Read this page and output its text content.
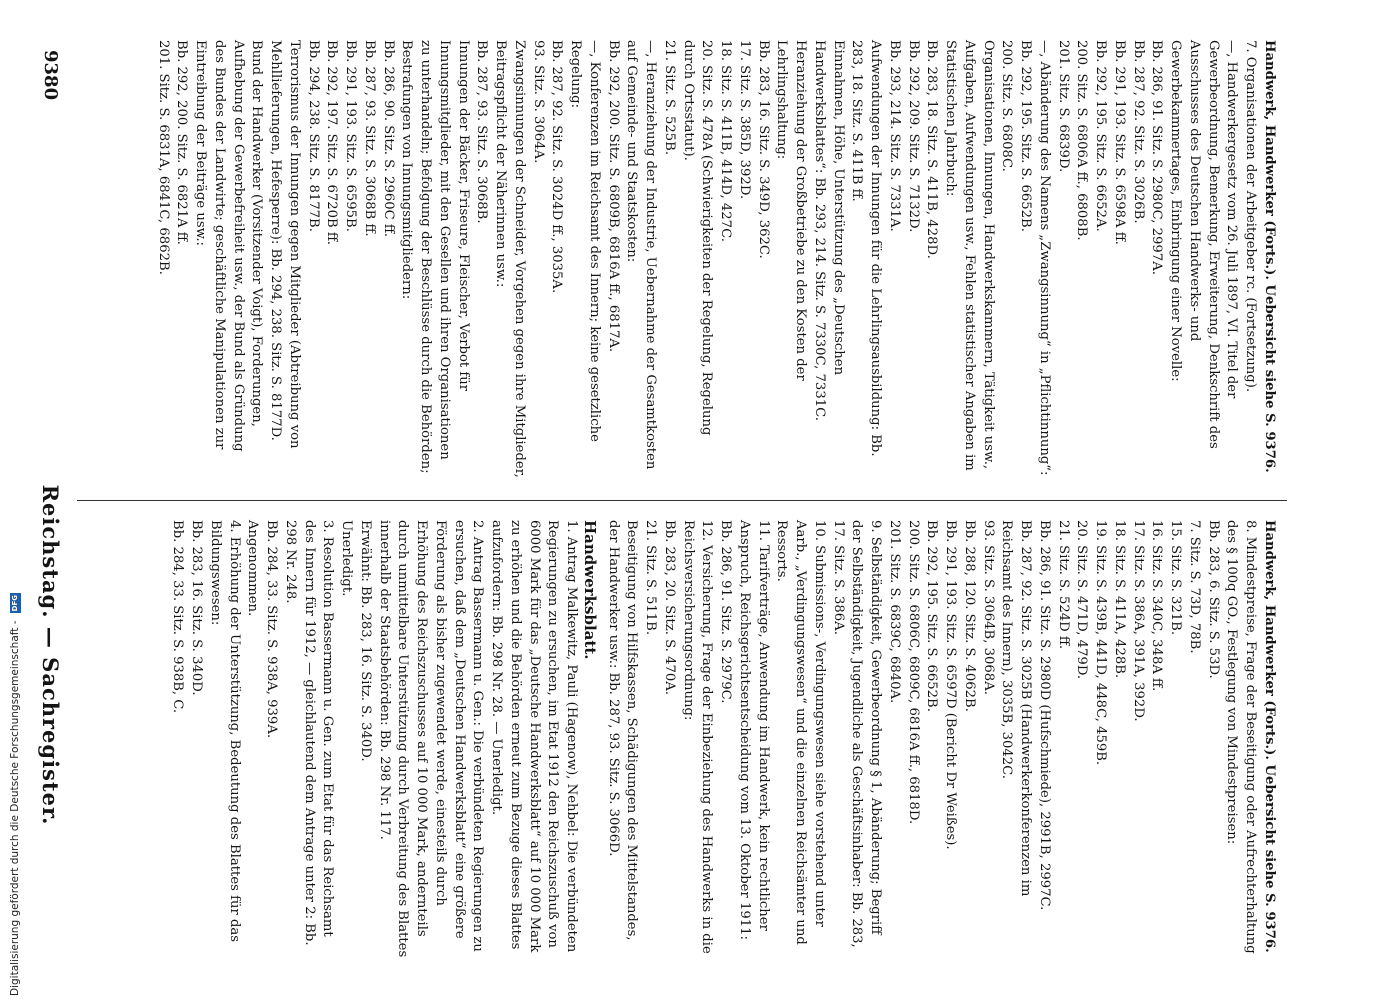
9380
Reichstag. — Sachregister.

Handwerk, Handwerker (Forts.). Uebersicht siehe S. 9376.

7. Organisationen der Arbeitgeber rc. (Fortsetzung).

—, Handwerkergesetz vom 26. Juli 1897, VI. Titel der Gewerbeordnung, Bemerkung, Erweiterung, Denkschrift des Ausschusses des Deutschen Handwerks- und Gewerbekammertages, Einbringung einer Novelle:

Bb. 286, 91. Sitz. S. 2980C, 2997A.

Bb. 287, 92. Sitz. S. 3026B.

Bb. 291, 193. Sitz. S. 6598A ff.

Bb. 292, 195. Sitz. S. 6652A.

200. Sitz. S. 6806A ff., 6808B.

201. Sitz. S. 6839D.

—, Abänderung des Namens „Zwangsinnung“ in „Pflichtinnung“:

Bb. 292, 195. Sitz. S. 6652B.

200. Sitz. S. 6808C.

Organisationen, Innungen, Handwerkskammern, Tätigkeit usw., Aufgaben, Aufwendungen usw., Fehlen statistischer Angaben im Statistischen Jahrbuch:

Bb. 283, 18. Sitz. S. 411B, 428D.

Bb. 292, 209. Sitz. S. 7132D.

Bb. 293, 214. Sitz. S. 7331A.

Aufwendungen der Innungen für die Lehrlingsausbildung: Bb. 283, 18. Sitz. S. 411B ff.

Einnahmen, Höhe, Unterstützung des „Deutschen Handwerksblattes“: Bb. 293, 214. Sitz. S. 7330C, 7331C.

Heranziehung der Großbetriebe zu den Kosten der Lehrlingshaltung:

Bb. 283, 16. Sitz. S. 349D, 362C.

17. Sitz. S. 385D, 392D.

18. Sitz. S. 411B, 414D, 427C.

20. Sitz. S. 478A (Schwierigkeiten der Regelung, Regelung durch Ortsstatut).

21. Sitz. S. 525B.

—, Heranziehung der Industrie, Uebernahme der Gesamtkosten auf Gemeinde- und Staatskosten:

Bb. 292, 200. Sitz. S. 6809B, 6816A ff., 6817A.

—, Konferenzen im Reichsamt des Innern; keine gesetzliche Regelung:

Bb. 287, 92. Sitz. S. 3024D ff., 3035A.

93. Sitz. S. 3064A.

Zwangsinnungen der Schneider, Vorgehen gegen ihre Mitglieder, Beitragspflicht der Näherinnen usw.:

Bb. 287, 93. Sitz. S. 3068B.

Innungen der Bäcker, Friseure, Fleischer, Verbot für Innungsmitglieder, mit den Gesellen und ihren Organisationen zu unterhandeln; Befolgung der Beschlüsse durch die Behörden; Bestrafungen von Innungsmitgliedern:

Bb. 286, 90. Sitz. S. 2960C ff.

Bb. 287, 93. Sitz. S. 3068B ff.

Bb. 291, 193. Sitz. S. 6595B.

Bb. 292, 197. Sitz. S. 6720B ff.

Bb. 294, 238. Sitz. S. 8177B.

Terrorismus der Innungen gegen Mitglieder (Abtreibung von Mehllieferungen, Hefesperre): Bb. 294, 238. Sitz. S. 8177D.

Bund der Handwerker (Vorsitzender Voigt), Forderungen, Aufhebung der Gewerbefreiheit usw., der Bund als Gründung des Bundes der Landwirte; geschäftliche Manipulationen zur Eintreibung der Beiträge usw.:

Bb. 292, 200. Sitz. S. 6821A ff.

201. Sitz. S. 6831A, 6841C, 6862B.

Handwerk, Handwerker (Forts.). Uebersicht siehe S. 9376.

8. Mindestpreise, Frage der Beseitigung oder Aufrechterhaltung des § 100q GO., Festlegung von Mindestpreisen:

Bb. 283, 6. Sitz. S. 53D.

7. Sitz. S. 73D, 78B.

15. Sitz. S. 321B.

16. Sitz. S. 340C, 348A ff.

17. Sitz. S. 386A, 391A, 392D.

18. Sitz. S. 411A, 428B.

19. Sitz. S. 439B, 441D, 448C, 459B.

20. Sitz. S. 471D, 479D.

21. Sitz. S. 524D ff.

Bb. 286, 91. Sitz. S. 2980D (Hufschmiede), 2991B, 2997C.

Bb. 287, 92. Sitz. S. 3025B (Handwerkerkonferenzen im Reichsamt des Innern), 3035B, 3042C.

93. Sitz. S. 3064B, 3068A.

Bb. 288, 120. Sitz. S. 4062B.

Bb. 291, 193. Sitz. S. 6597D (Bericht Dr Weißes).

Bb. 292, 195. Sitz. S. 6652B.

200. Sitz. S. 6806C, 6809C, 6816A ff., 6818D.

201. Sitz. S. 6839C, 6840A.

9. Selbständigkeit, Gewerbeordnung § 1, Abänderung; Begriff der Selbständigkeit, Jugendliche als Geschäftsinhaber: Bb. 283, 17. Sitz. S. 386A.

10. Submissions-, Verdingungswesen siehe vorstehend unter Aarb., „Verdingungswesen“ und die einzelnen Reichsämter und Ressorts.

11. Tarifverträge, Anwendung im Handwerk, kein rechtlicher Anspruch, Reichsgerichtsentscheidung vom 13. Oktober 1911: Bb. 286, 91. Sitz. S. 2979C.

12. Versicherung, Frage der Einbeziehung des Handwerks in die Reichsversicherungsordnung:

Bb. 283, 20. Sitz. S. 470A.

21. Sitz. S. 511B.

Beseitigung von Hilfskassen, Schädigungen des Mittelstandes, der Handwerker usw.: Bb. 287, 93. Sitz. S. 3066D.

Handwerksblatt.

1. Antrag Malkewitz, Pauli (Hagenow), Nehbel: Die verbündeten Regierungen zu ersuchen, im Etat 1912 den Reichszuschuß von 6000 Mark für das „Deutsche Handwerksblatt“ auf 10 000 Mark zu erhöhen und die Behörden erneut zum Bezuge dieses Blattes aufzufordern: Bb. 298 Nr. 28. — Unerledigt.

2. Antrag Bassermann u. Gen.: Die verbündeten Regierungen zu ersuchen, daß dem „Deutschen Handwerksblatt“ eine größere Förderung als bisher zugewendet werde, einesteils durch Erhöhung des Reichszuschusses auf 10 000 Mark, andernteils durch unmittelbare Unterstützung durch Verbreitung des Blattes innerhalb der Staatsbehörden: Bb. 298 Nr. 117.

Erwähnt: Bb. 283, 16. Sitz. S. 340D.

Unerledigt.

3. Resolution Bassermann u. Gen. zum Etat für das Reichsamt des Innern für 1912, — gleichlautend dem Antrage unter 2: Bb. 298 Nr. 248.

Bb. 284, 33. Sitz. S. 938A, 939A.

Angenommen.

4. Erhöhung der Unterstützung, Bedeutung des Blattes für das Bildungswesen:

Bb. 283, 16. Sitz. S. 340D.

Bb. 284, 33. Sitz. S. 938B, C.

Digitalisierung gefördert durch die Deutsche Forschungsgemeinschaft - DFG
